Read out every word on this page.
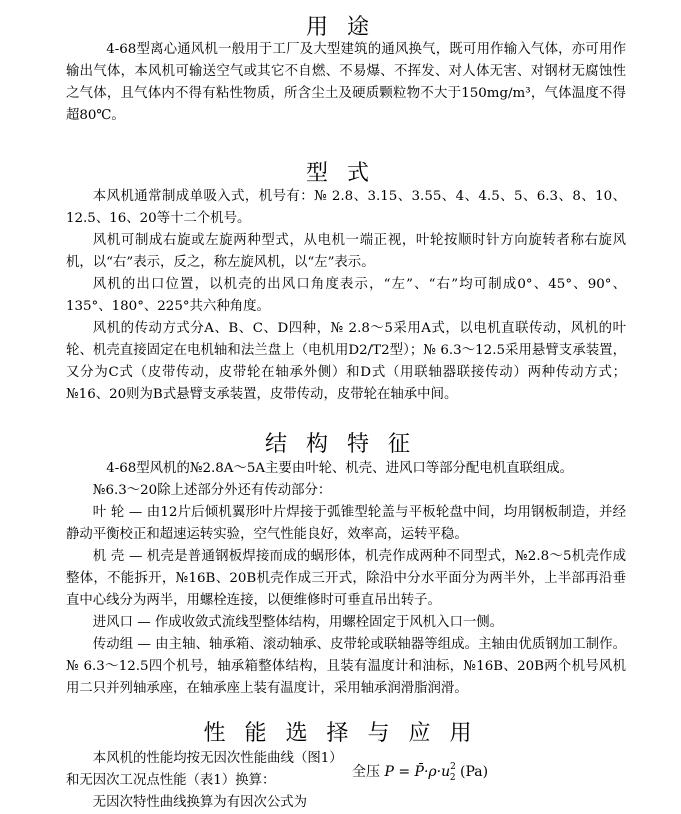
用 途

4-68型离心通风机一般用于工厂及大型建筑的通风换气，既可用作输入气体，亦可用作输出气体，本风机可输送空气或其它不自燃、不易爆、不挥发、对人体无害、对钢材无腐蚀性之气体，且气体内不得有粘性物质，所含尘土及硬质颗粒物不大于150mg/m³，气体温度不得超80℃。

型 式

本风机通常制成单吸入式，机号有：№ 2.8、3.15、3.55、4、4.5、5、6.3、8、10、12.5、16、20等十二个机号。

风机可制成右旋或左旋两种型式，从电机一端正视，叶轮按顺时针方向旋转者称右旋风机，以“右”表示，反之，称左旋风机，以“左”表示。

风机的出口位置，以机壳的出风口角度表示，“左”、“右”均可制成0°、45°、90°、135°、180°、225°共六种角度。

风机的传动方式分A、B、C、D四种，№ 2.8～5采用A式，以电机直联传动，风机的叶轮、机壳直接固定在电机轴和法兰盘上（电机用D2/T2型）；№ 6.3～12.5采用悬臂支承装置，又分为C式（皮带传动，皮带轮在轴承外侧）和D式（用联轴器联接传动）两种传动方式；№16、20则为B式悬臂支承装置，皮带传动，皮带轮在轴承中间。

结 构 特 征

4-68型风机的№2.8A～5A主要由叶轮、机壳、进风口等部分配电机直联组成。

№6.3～20除上述部分外还有传动部分：

叶 轮 — 由12片后倾机翼形叶片焊接于弧锥型轮盖与平板轮盘中间，均用钢板制造，并经静动平衡校正和超速运转实验，空气性能良好，效率高，运转平稳。

机 壳 — 机壳是普通钢板焊接而成的蜗形体，机壳作成两种不同型式，№2.8～5机壳作成整体，不能拆开，№16B、20B机壳作成三开式，除沿中分水平面分为两半外，上半部再沿垂直中心线分为两半，用螺栓连接，以便维修时可垂直吊出转子。

进风口 — 作成收敛式流线型整体结构，用螺栓固定于风机入口一侧。

传动组 — 由主轴、轴承箱、滚动轴承、皮带轮或联轴器等组成。主轴由优质钢加工制作。№ 6.3～12.5四个机号，轴承箱整体结构，且装有温度计和油标，№16B、20B两个机号风机用二只并列轴承座，在轴承座上装有温度计，采用轴承润滑脂润滑。

性 能 选 择 与 应 用

本风机的性能均按无因次性能曲线（图1）和无因次工况点性能（表1）换算：

无因次特性曲线换算为有因次公式为

全压 $P = P̄\cdot\rho\cdot u^2_2$ (Pa)
